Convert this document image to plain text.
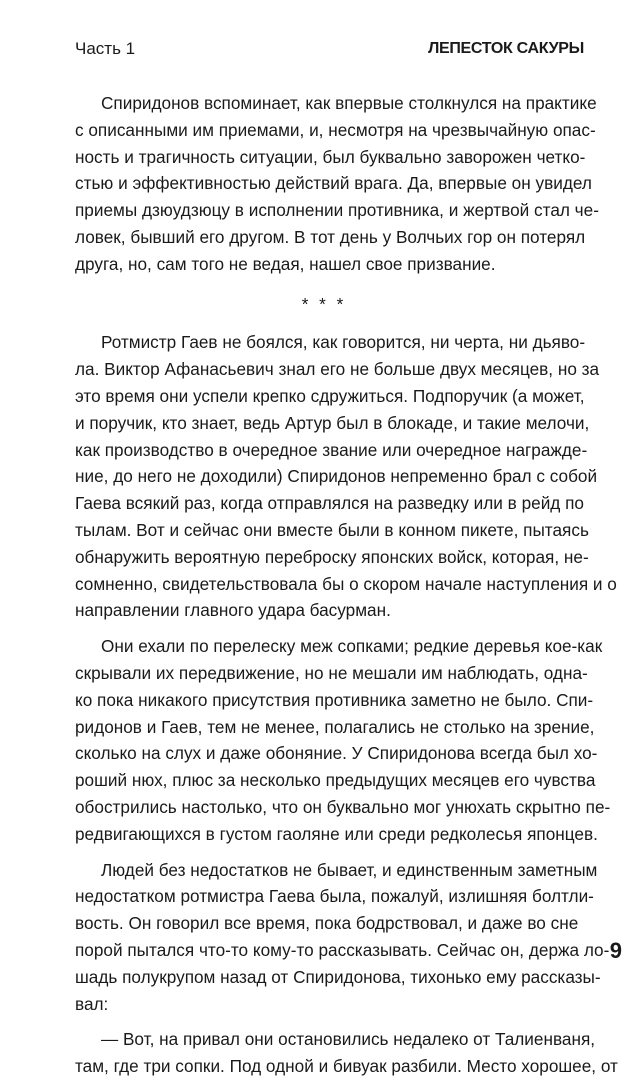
Часть 1	ЛЕПЕСТОК САКУРЫ
Спиридонов вспоминает, как впервые столкнулся на практике
с описанными им приемами, и, несмотря на чрезвычайную опас-
ность и трагичность ситуации, был буквально заворожен четко-
стью и эффективностью действий врага. Да, впервые он увидел
приемы дзюудзюцу в исполнении противника, и жертвой стал че-
ловек, бывший его другом. В тот день у Волчьих гор он потерял
друга, но, сам того не ведая, нашел свое призвание.
* * *
Ротмистр Гаев не боялся, как говорится, ни черта, ни дьяво-
ла. Виктор Афанасьевич знал его не больше двух месяцев, но за
это время они успели крепко сдружиться. Подпоручик (а может,
и поручик, кто знает, ведь Артур был в блокаде, и такие мелочи,
как производство в очередное звание или очередное награжде-
ние, до него не доходили) Спиридонов непременно брал с собой
Гаева всякий раз, когда отправлялся на разведку или в рейд по
тылам. Вот и сейчас они вместе были в конном пикете, пытаясь
обнаружить вероятную переброску японских войск, которая, не-
сомненно, свидетельствовала бы о скором начале наступления и о
направлении главного удара басурман.
Они ехали по перелеску меж сопками; редкие деревья кое-как
скрывали их передвижение, но не мешали им наблюдать, одна-
ко пока никакого присутствия противника заметно не было. Спи-
ридонов и Гаев, тем не менее, полагались не столько на зрение,
сколько на слух и даже обоняние. У Спиридонова всегда был хо-
роший нюх, плюс за несколько предыдущих месяцев его чувства
обострились настолько, что он буквально мог унюхать скрытно пе-
редвигающихся в густом гаоляне или среди редколесья японцев.
Людей без недостатков не бывает, и единственным заметным
недостатком ротмистра Гаева была, пожалуй, излишняя болтли-
вость. Он говорил все время, пока бодрствовал, и даже во сне
порой пытался что-то кому-то рассказывать. Сейчас он, держа ло-
шадь полукрупом назад от Спиридонова, тихонько ему рассказы-
вал:
— Вот, на привал они остановились недалеко от Талиенваня,
там, где три сопки. Под одной и бивуак разбили. Место хорошее, от
9
